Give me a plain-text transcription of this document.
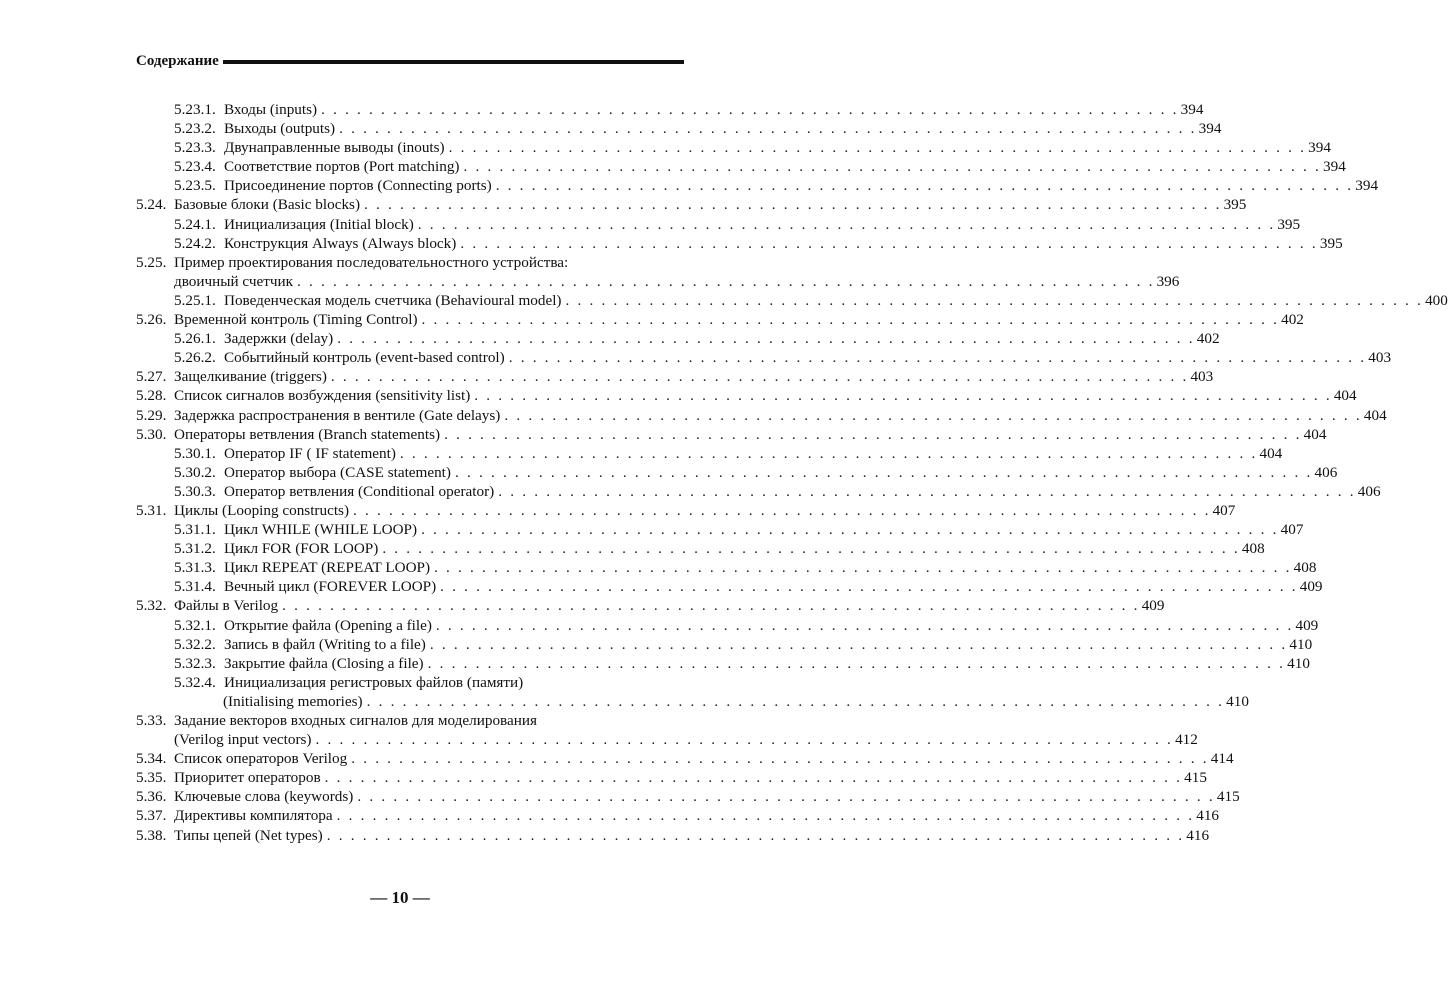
Содержание
5.23.1. Входы (inputs) . . . . . . . . . . . . . . . . . . . . . . . . . . . . . . . . . . . . . . . . . . . . . . . . . . . . . . . . . . . . . . . . . . . . . . . . 394
5.23.2. Выходы (outputs) . . . . . . . . . . . . . . . . . . . . . . . . . . . . . . . . . . . . . . . . . . . . . . . . . . . . . . . . . . . . . . . . . . . . . . . . 394
5.23.3. Двунаправленные выводы (inouts) . . . . . . . . . . . . . . . . . . . . . . . . . . . . . . . . . . . . . . . . . . . . . . . . . . . . . . . . . . . . . . . . . . . . . . . . 394
5.23.4. Соответствие портов (Port matching) . . . . . . . . . . . . . . . . . . . . . . . . . . . . . . . . . . . . . . . . . . . . . . . . . . . . . . . . . . . . . . . . . . . . . . . . 394
5.23.5. Присоединение портов (Connecting ports) . . . . . . . . . . . . . . . . . . . . . . . . . . . . . . . . . . . . . . . . . . . . . . . . . . . . . . . . . . . . . . . . . . . . . . . . 394
5.24. Базовые блоки (Basic blocks) . . . . . . . . . . . . . . . . . . . . . . . . . . . . . . . . . . . . . . . . . . . . . . . . . . . . . . . . . . . . . . . . . . . . . . . . 395
5.24.1. Инициализация (Initial block) . . . . . . . . . . . . . . . . . . . . . . . . . . . . . . . . . . . . . . . . . . . . . . . . . . . . . . . . . . . . . . . . . . . . . . . . 395
5.24.2. Конструкция Always (Always block) . . . . . . . . . . . . . . . . . . . . . . . . . . . . . . . . . . . . . . . . . . . . . . . . . . . . . . . . . . . . . . . . . . . . . . . . 395
5.25. Пример проектирования последовательностного устройства:
двоичный счетчик . . . . . . . . . . . . . . . . . . . . . . . . . . . . . . . . . . . . . . . . . . . . . . . . . . . . . . . . . . . . . . . . . . . . . . . . 396
5.25.1. Поведенческая модель счетчика (Behavioural model) . . . . . . . . . . . . . . . . . . . . . . . . . . . . . . . . . . . . . . . . . . . . . . . . . . . . . . . . . . . . . . . . . . . . . . . . 400
5.26. Временной контроль (Timing Control) . . . . . . . . . . . . . . . . . . . . . . . . . . . . . . . . . . . . . . . . . . . . . . . . . . . . . . . . . . . . . . . . . . . . . . . . 402
5.26.1. Задержки (delay) . . . . . . . . . . . . . . . . . . . . . . . . . . . . . . . . . . . . . . . . . . . . . . . . . . . . . . . . . . . . . . . . . . . . . . . . 402
5.26.2. Событийный контроль (event-based control) . . . . . . . . . . . . . . . . . . . . . . . . . . . . . . . . . . . . . . . . . . . . . . . . . . . . . . . . . . . . . . . . . . . . . . . . 403
5.27. Защелкивание (triggers) . . . . . . . . . . . . . . . . . . . . . . . . . . . . . . . . . . . . . . . . . . . . . . . . . . . . . . . . . . . . . . . . . . . . . . . . 403
5.28. Список сигналов возбуждения (sensitivity list) . . . . . . . . . . . . . . . . . . . . . . . . . . . . . . . . . . . . . . . . . . . . . . . . . . . . . . . . . . . . . . . . . . . . . . . . 404
5.29. Задержка распространения в вентиле (Gate delays) . . . . . . . . . . . . . . . . . . . . . . . . . . . . . . . . . . . . . . . . . . . . . . . . . . . . . . . . . . . . . . . . . . . . . . . . 404
5.30. Операторы ветвления (Branch statements) . . . . . . . . . . . . . . . . . . . . . . . . . . . . . . . . . . . . . . . . . . . . . . . . . . . . . . . . . . . . . . . . . . . . . . . . 404
5.30.1. Оператор IF ( IF statement) . . . . . . . . . . . . . . . . . . . . . . . . . . . . . . . . . . . . . . . . . . . . . . . . . . . . . . . . . . . . . . . . . . . . . . . . 404
5.30.2. Оператор выбора (CASE statement) . . . . . . . . . . . . . . . . . . . . . . . . . . . . . . . . . . . . . . . . . . . . . . . . . . . . . . . . . . . . . . . . . . . . . . . . 406
5.30.3. Оператор ветвления (Conditional operator) . . . . . . . . . . . . . . . . . . . . . . . . . . . . . . . . . . . . . . . . . . . . . . . . . . . . . . . . . . . . . . . . . . . . . . . . 406
5.31. Циклы (Looping constructs) . . . . . . . . . . . . . . . . . . . . . . . . . . . . . . . . . . . . . . . . . . . . . . . . . . . . . . . . . . . . . . . . . . . . . . . . 407
5.31.1. Цикл WHILE (WHILE LOOP) . . . . . . . . . . . . . . . . . . . . . . . . . . . . . . . . . . . . . . . . . . . . . . . . . . . . . . . . . . . . . . . . . . . . . . . . 407
5.31.2. Цикл FOR (FOR LOOP) . . . . . . . . . . . . . . . . . . . . . . . . . . . . . . . . . . . . . . . . . . . . . . . . . . . . . . . . . . . . . . . . . . . . . . . . 408
5.31.3. Цикл REPEAT (REPEAT LOOP) . . . . . . . . . . . . . . . . . . . . . . . . . . . . . . . . . . . . . . . . . . . . . . . . . . . . . . . . . . . . . . . . . . . . . . . . 408
5.31.4. Вечный цикл (FOREVER LOOP) . . . . . . . . . . . . . . . . . . . . . . . . . . . . . . . . . . . . . . . . . . . . . . . . . . . . . . . . . . . . . . . . . . . . . . . . 409
5.32. Файлы в Verilog . . . . . . . . . . . . . . . . . . . . . . . . . . . . . . . . . . . . . . . . . . . . . . . . . . . . . . . . . . . . . . . . . . . . . . . . 409
5.32.1. Открытие файла (Opening a file) . . . . . . . . . . . . . . . . . . . . . . . . . . . . . . . . . . . . . . . . . . . . . . . . . . . . . . . . . . . . . . . . . . . . . . . . 409
5.32.2. Запись в файл (Writing to a file) . . . . . . . . . . . . . . . . . . . . . . . . . . . . . . . . . . . . . . . . . . . . . . . . . . . . . . . . . . . . . . . . . . . . . . . . 410
5.32.3. Закрытие файла (Closing a file) . . . . . . . . . . . . . . . . . . . . . . . . . . . . . . . . . . . . . . . . . . . . . . . . . . . . . . . . . . . . . . . . . . . . . . . . 410
5.32.4. Инициализация регистровых файлов (памяти)
(Initialising memories) . . . . . . . . . . . . . . . . . . . . . . . . . . . . . . . . . . . . . . . . . . . . . . . . . . . . . . . . . . . . . . . . . . . . . . . . 410
5.33. Задание векторов входных сигналов для моделирования
(Verilog input vectors) . . . . . . . . . . . . . . . . . . . . . . . . . . . . . . . . . . . . . . . . . . . . . . . . . . . . . . . . . . . . . . . . . . . . . . . . 412
5.34. Список операторов Verilog . . . . . . . . . . . . . . . . . . . . . . . . . . . . . . . . . . . . . . . . . . . . . . . . . . . . . . . . . . . . . . . . . . . . . . . . 414
5.35. Приоритет операторов . . . . . . . . . . . . . . . . . . . . . . . . . . . . . . . . . . . . . . . . . . . . . . . . . . . . . . . . . . . . . . . . . . . . . . . . 415
5.36. Ключевые слова (keywords) . . . . . . . . . . . . . . . . . . . . . . . . . . . . . . . . . . . . . . . . . . . . . . . . . . . . . . . . . . . . . . . . . . . . . . . . 415
5.37. Директивы компилятора . . . . . . . . . . . . . . . . . . . . . . . . . . . . . . . . . . . . . . . . . . . . . . . . . . . . . . . . . . . . . . . . . . . . . . . . 416
5.38. Типы цепей (Net types) . . . . . . . . . . . . . . . . . . . . . . . . . . . . . . . . . . . . . . . . . . . . . . . . . . . . . . . . . . . . . . . . . . . . . . . . 416
— 10 —
